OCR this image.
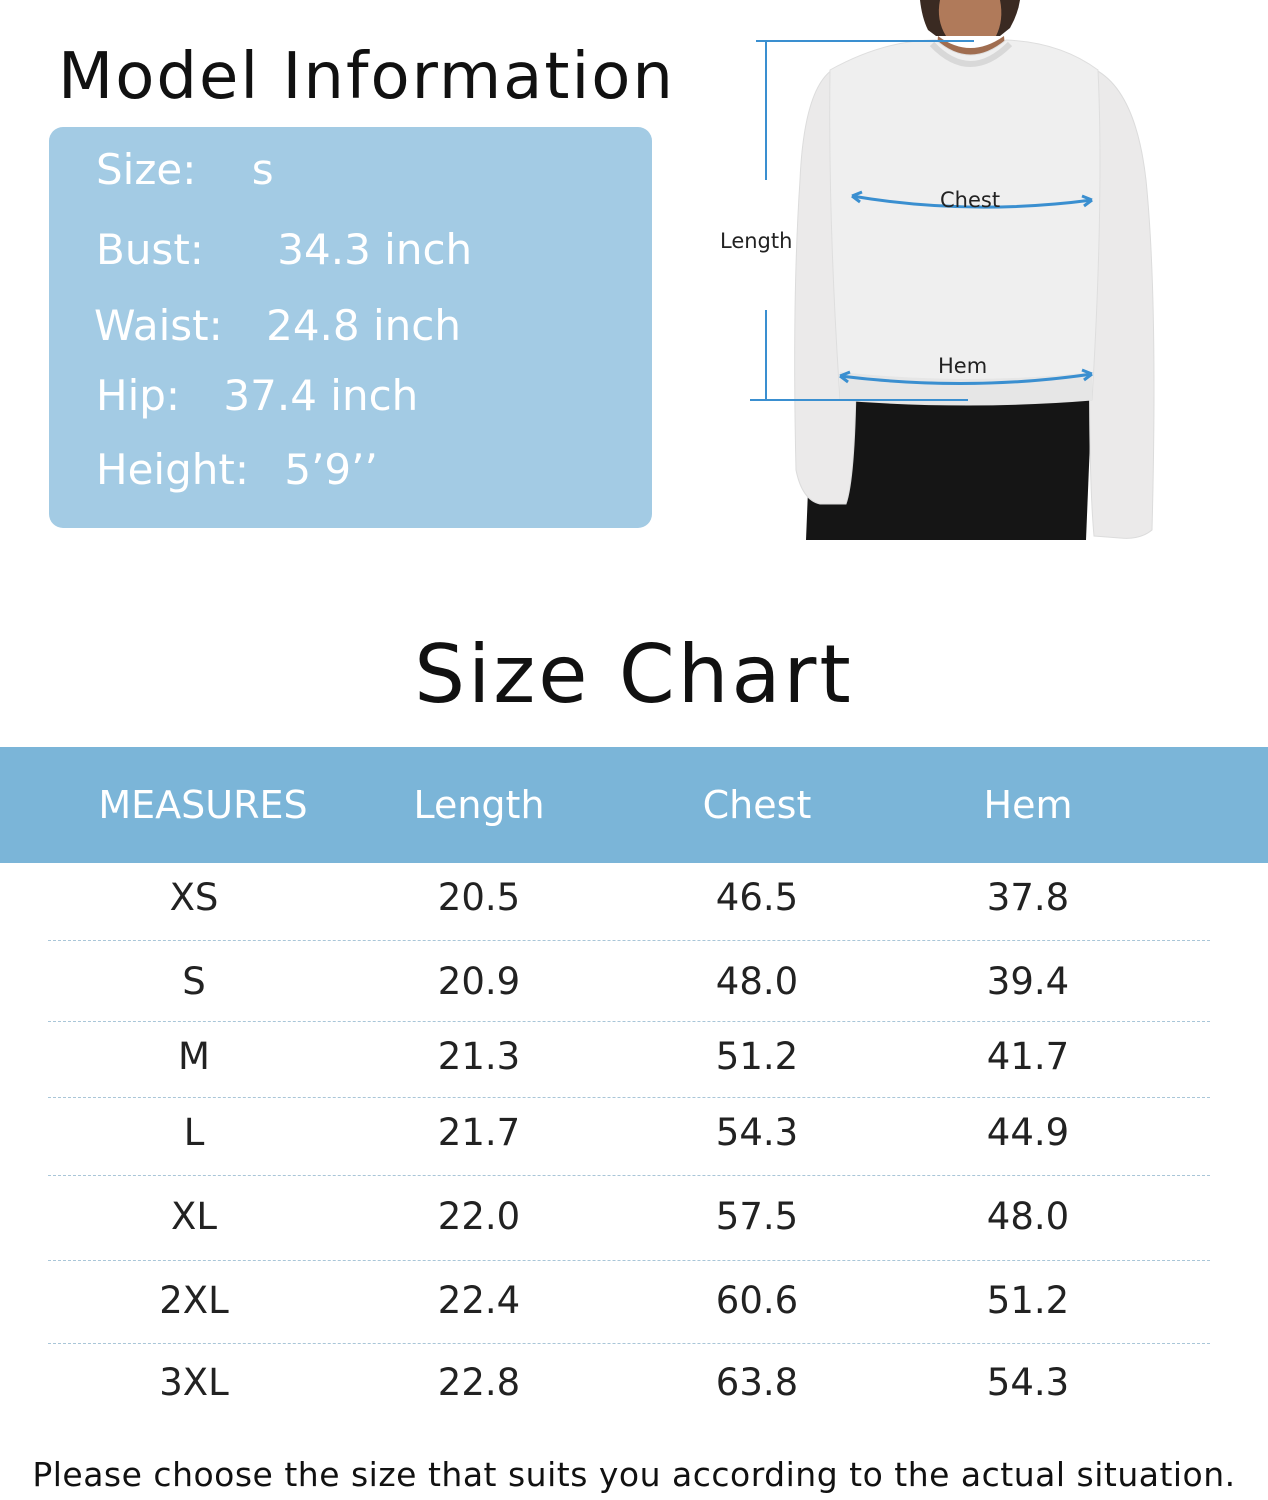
Model Information
Size: s
Bust: 34.3 inch
Waist: 24.8 inch
Hip: 37.4 inch
Height: 5’9’’
Length
Chest
Hem
Size Chart
MEASURES	Length	Chest	Hem
XS	20.5	46.5	37.8
S	20.9	48.0	39.4
M	21.3	51.2	41.7
L	21.7	54.3	44.9
XL	22.0	57.5	48.0
2XL	22.4	60.6	51.2
3XL	22.8	63.8	54.3
Please choose the size that suits you according to the actual situation.
